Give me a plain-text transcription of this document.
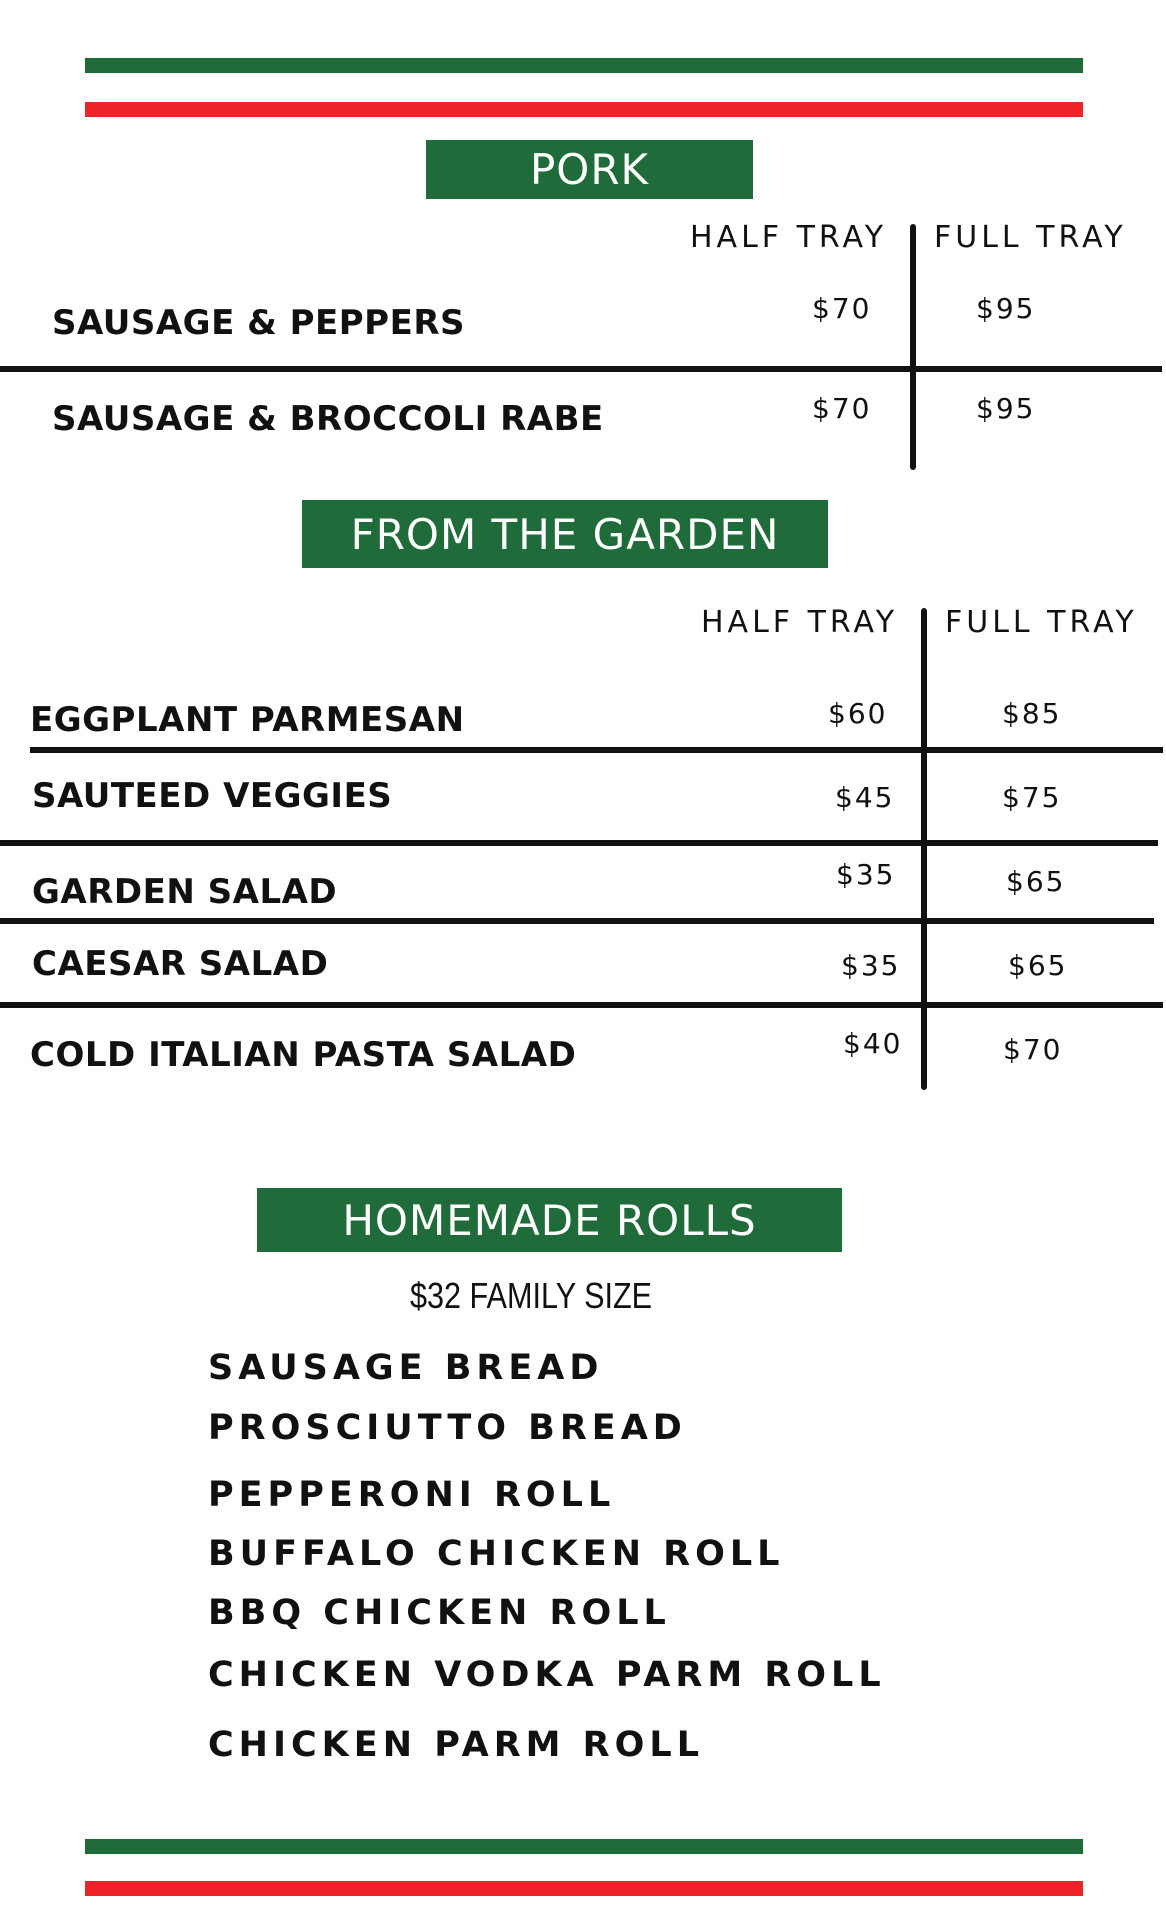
PORK
HALF TRAY FULL TRAY
SAUSAGE & PEPPERS	$70	$95
SAUSAGE & BROCCOLI RABE	$70	$95
FROM THE GARDEN
HALF TRAY FULL TRAY
EGGPLANT PARMESAN	$60	$85
SAUTEED VEGGIES	$45	$75
GARDEN SALAD	$35	$65
CAESAR SALAD	$35	$65
COLD ITALIAN PASTA SALAD	$40	$70
HOMEMADE ROLLS
$32 FAMILY SIZE
SAUSAGE BREAD
PROSCIUTTO BREAD
PEPPERONI ROLL
BUFFALO CHICKEN ROLL
BBQ CHICKEN ROLL
CHICKEN VODKA PARM ROLL
CHICKEN PARM ROLL
